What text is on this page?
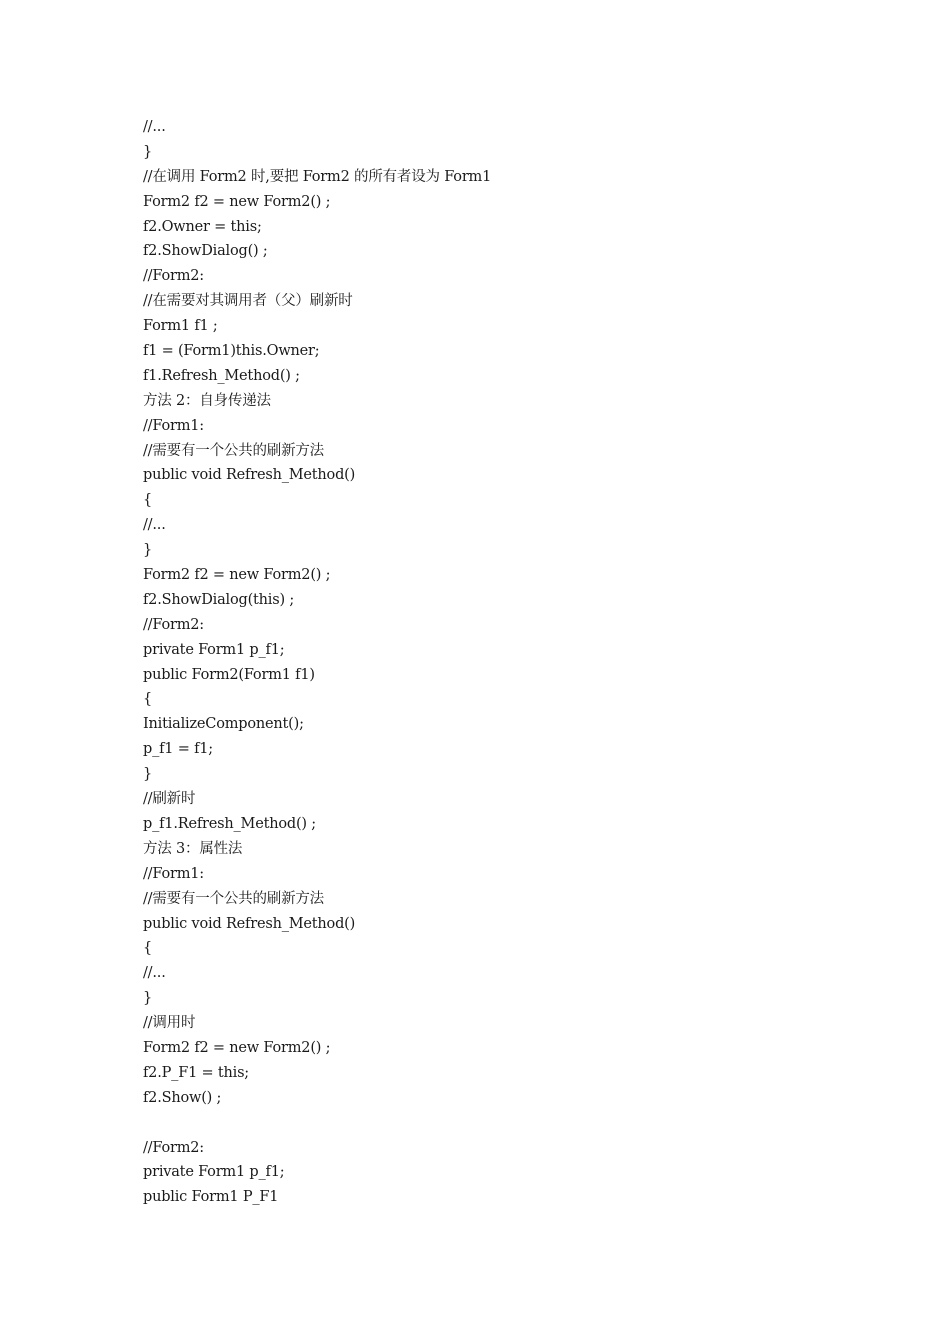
//...
}
//在调用 Form2 时,要把 Form2 的所有者设为 Form1
Form2 f2 = new Form2() ;
f2.Owner = this;
f2.ShowDialog() ;
//Form2:
//在需要对其调用者（父）刷新时
Form1 f1 ;
f1 = (Form1)this.Owner;
f1.Refresh_Method() ;
方法 2：自身传递法
//Form1:
//需要有一个公共的刷新方法
public void Refresh_Method()
{
//...
}
Form2 f2 = new Form2() ;
f2.ShowDialog(this) ;
//Form2:
private Form1 p_f1;
public Form2(Form1 f1)
{
InitializeComponent();
p_f1 = f1;
}
//刷新时
p_f1.Refresh_Method() ;
方法 3：属性法
//Form1:
//需要有一个公共的刷新方法
public void Refresh_Method()
{
//...
}
//调用时
Form2 f2 = new Form2() ;
f2.P_F1 = this;
f2.Show() ;
//Form2:
private Form1 p_f1;
public Form1 P_F1
